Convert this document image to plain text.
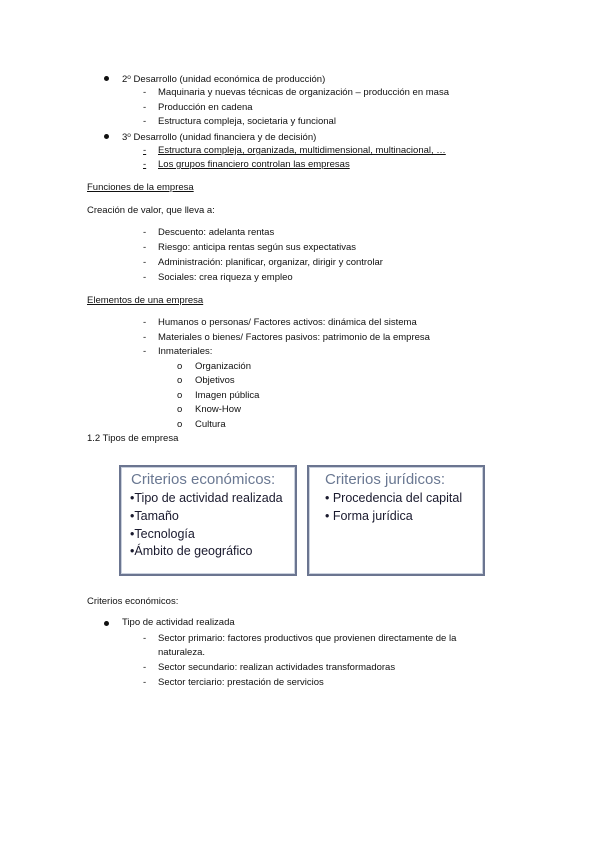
2$^o$ Desarrollo (unidad económica de producción)
- Maquinaria y nuevas técnicas de organización – producción en masa
- Producción en cadena
- Estructura compleja, societaria y funcional
3$^o$ Desarrollo (unidad financiera y de decisión)
- Estructura compleja, organizada, multidimensional, multinacional, …
- Los grupos financiero controlan las empresas
Funciones de la empresa
Creación de valor, que lleva a:
- Descuento: adelanta rentas
- Riesgo: anticipa rentas según sus expectativas
- Administración: planificar, organizar, dirigir y controlar
- Sociales: crea riqueza y empleo
Elementos de una empresa
- Humanos o personas/ Factores activos: dinámica del sistema
- Materiales o bienes/ Factores pasivos: patrimonio de la empresa
- Inmateriales:
o Organización
o Objetivos
o Imagen pública
o Know-How
o Cultura
1.2 Tipos de empresa
Criterios económicos:
•Tipo de actividad realizada
•Tamaño
•Tecnología
•Ámbito de geográfico
Criterios jurídicos:
• Procedencia del capital
• Forma jurídica
Criterios económicos:
Tipo de actividad realizada
- Sector primario: factores productivos que provienen directamente de la
naturaleza.
- Sector secundario: realizan actividades transformadoras
- Sector terciario: prestación de servicios
